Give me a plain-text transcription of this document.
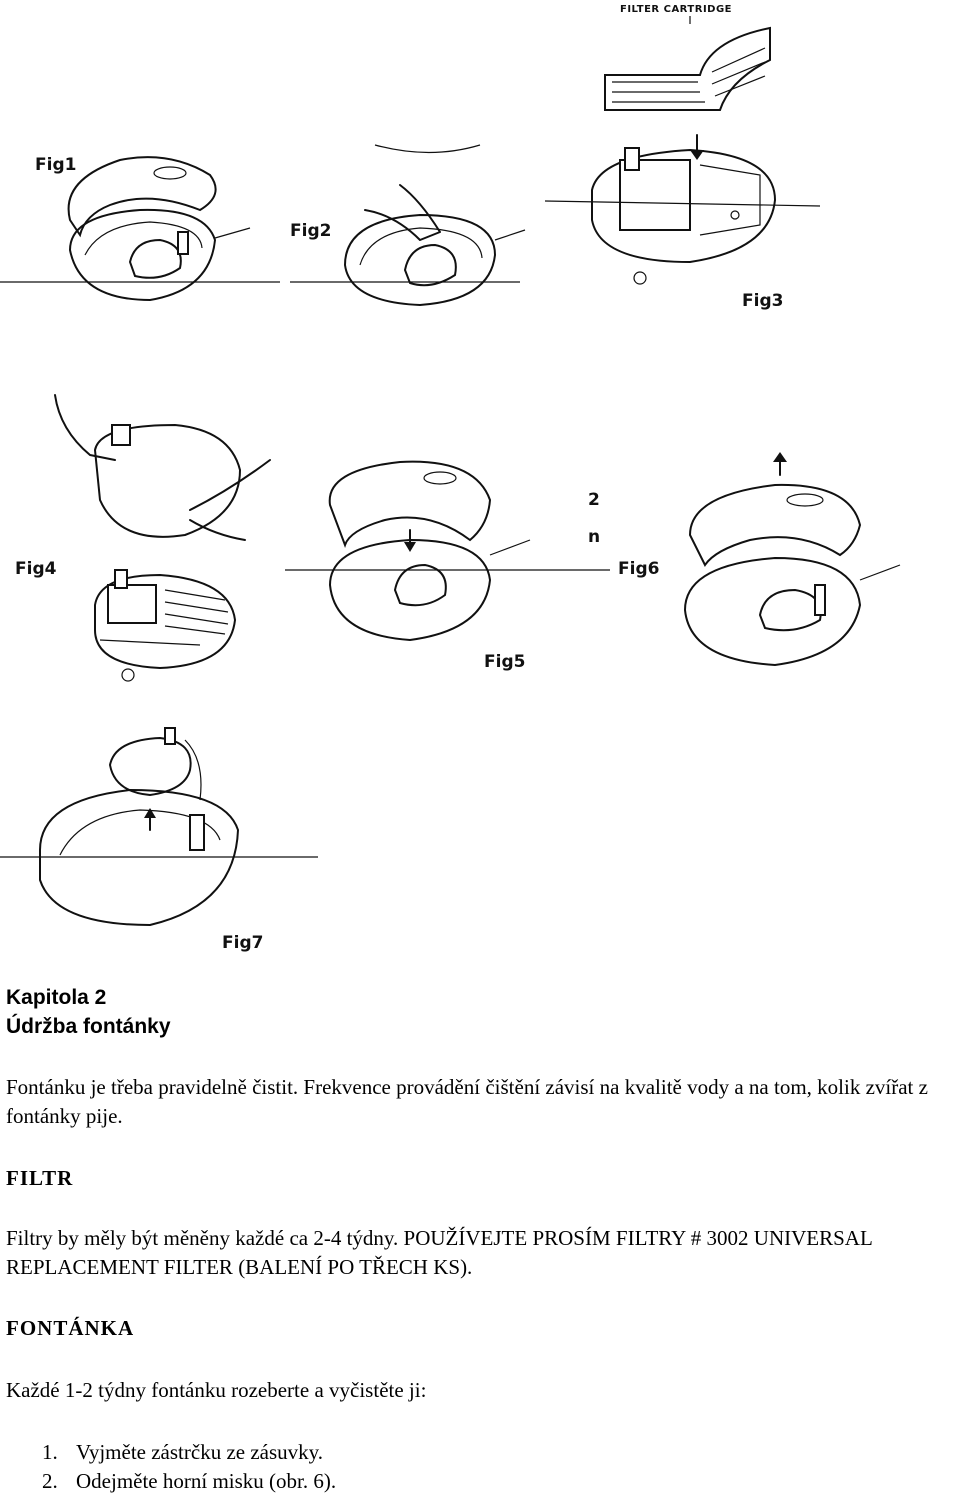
Fig1
Fig2
FILTER CARTRIDGE
Fig3
Fig4
2
n
Fig5
Fig6
Fig7

Kapitola 2

Údržba fontánky

Fontánku je třeba pravidelně čistit. Frekvence provádění čištění závisí na kvalitě vody a na tom, kolik zvířat z fontánky pije.

FILTR

Filtry by měly být měněny každé ca 2-4 týdny. POUŽÍVEJTE PROSÍM FILTRY # 3002 UNIVERSAL REPLACEMENT FILTER (BALENÍ PO TŘECH KS).

FONTÁNKA

Každé 1-2 týdny fontánku rozeberte a vyčistěte ji:

1. Vyjměte zástrčku ze zásuvky.
2. Odejměte horní misku (obr. 6).
